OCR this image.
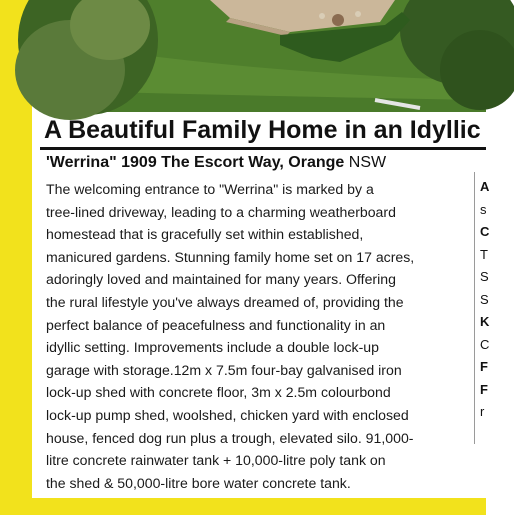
A Beautiful Family Home in an Idyllic
'Werrina" 1909 The Escort Way, Orange NSW
The welcoming entrance to "Werrina" is marked by a
tree-lined driveway, leading to a charming weatherboard
homestead that is gracefully set within established,
manicured gardens. Stunning family home set on 17 acres,
adoringly loved and maintained for many years. Offering
the rural lifestyle you've always dreamed of, providing the
perfect balance of peacefulness and functionality in an
idyllic setting. Improvements include a double lock-up
garage with storage.12m x 7.5m four-bay galvanised iron
lock-up shed with concrete floor, 3m x 2.5m colourbond
lock-up pump shed, woolshed, chicken yard with enclosed
house, fenced dog run plus a trough, elevated silo. 91,000-
litre concrete rainwater tank + 10,000-litre poly tank on
the shed & 50,000-litre bore water concrete tank.
A
s
C
T
S
S
K
C
F
F
r
